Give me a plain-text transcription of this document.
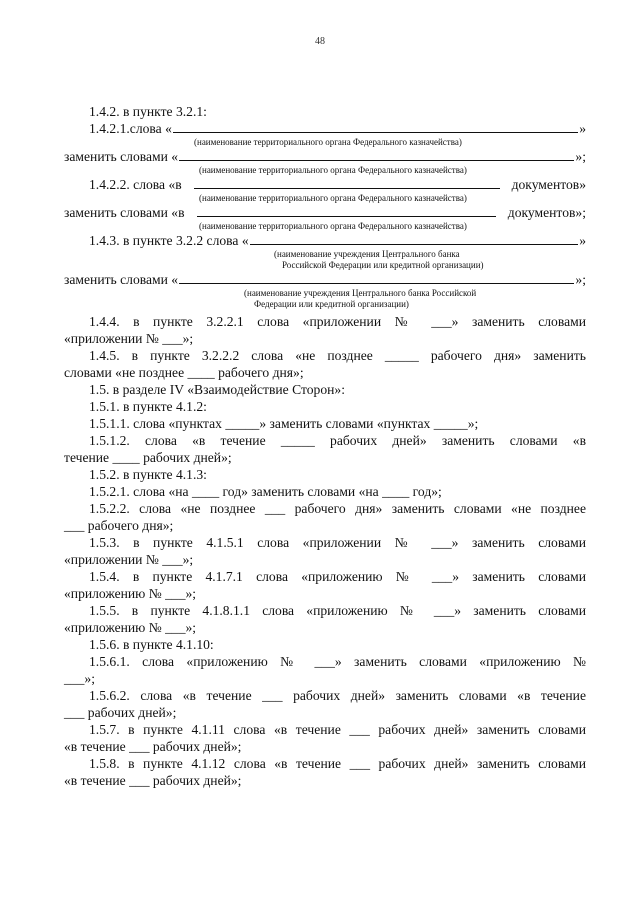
48
1.4.2. в пункте 3.2.1:
1.4.2.1.слова «	»
(наименование территориального органа Федерального казначейства)
заменить словами «	»;
(наименование территориального органа Федерального казначейства)
1.4.2.2. слова «в	документов»
(наименование территориального органа Федерального казначейства)
заменить словами «в	документов»;
(наименование территориального органа Федерального казначейства)
1.4.3. в пункте 3.2.2 слова «	»
(наименование учреждения Центрального банка
Российской Федерации или кредитной организации)
заменить словами «	»;
(наименование учреждения Центрального банка Российской
Федерации или кредитной организации)
1.4.4. в пункте 3.2.2.1 слова «приложении № ___» заменить словами
«приложении № ___»;
1.4.5. в пункте 3.2.2.2 слова «не позднее _____ рабочего дня» заменить
словами «не позднее ____ рабочего дня»;
1.5. в разделе IV «Взаимодействие Сторон»:
1.5.1. в пункте 4.1.2:
1.5.1.1. слова «пунктах _____» заменить словами «пунктах _____»;
1.5.1.2. слова «в течение _____ рабочих дней» заменить словами «в
течение ____ рабочих дней»;
1.5.2. в пункте 4.1.3:
1.5.2.1. слова «на ____ год» заменить словами «на ____ год»;
1.5.2.2. слова «не позднее ___ рабочего дня» заменить словами «не позднее
___ рабочего дня»;
1.5.3. в пункте 4.1.5.1 слова «приложении № ___» заменить словами
«приложении № ___»;
1.5.4. в пункте 4.1.7.1 слова «приложению № ___» заменить словами
«приложению № ___»;
1.5.5. в пункте 4.1.8.1.1 слова «приложению № ___» заменить словами
«приложению № ___»;
1.5.6. в пункте 4.1.10:
1.5.6.1. слова «приложению № ___» заменить словами «приложению №
___»;
1.5.6.2. слова «в течение ___ рабочих дней» заменить словами «в течение
___ рабочих дней»;
1.5.7. в пункте 4.1.11 слова «в течение ___ рабочих дней» заменить словами
«в течение ___ рабочих дней»;
1.5.8. в пункте 4.1.12 слова «в течение ___ рабочих дней» заменить словами
«в течение ___ рабочих дней»;
